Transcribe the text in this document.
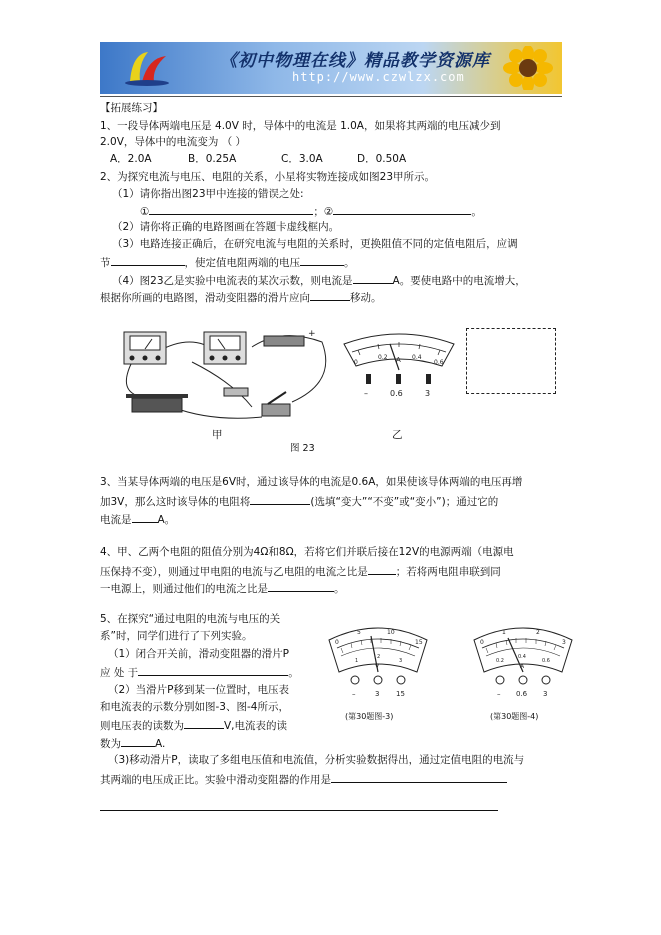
《初中物理在线》精品教学资源库
http://www.czwlzx.com
【拓展练习】
1、一段导体两端电压是 4.0V 时，导体中的电流是 1.0A，如果将其两端的电压减少到
2.0V，导体中的电流变为 （ ）
A．2.0A	B．0.25A	C．3.0A	D．0.50A
2、为探究电流与电压、电阻的关系，小星将实物连接成如图23甲所示。
（1）请你指出图23甲中连接的错误之处:
①	；②	。
（2）请你将正确的电路图画在答题卡虚线框内。
（3）电路连接正确后，在研究电流与电阻的关系时，更换阻值不同的定值电阻后，应调
节	，使定值电阻两端的电压	。
（4）图23乙是实验中电流表的某次示数，则电流是	A。要使电路中的电流增大，
根据你所画的电路图，滑动变阻器的滑片应向	移动。
+
甲
图 23
A
0
0.2	0.4
0.6
–	0.6	3
乙
3、当某导体两端的电压是6V时，通过该导体的电流是0.6A，如果使该导体两端的电压再增
加3V，那么这时该导体的电阻将	(选填“变大”“不变”或“变小”)；通过它的
电流是 A。
4、甲、乙两个电阻的阻值分别为4Ω和8Ω，若将它们并联后接在12V的电源两端（电源电
压保持不变），则通过甲电阻的电流与乙电阻的电流之比是	；若将两电阻串联到同
一电源上，则通过他们的电流之比是	。
5、在探究“通过电阻的电流与电压的关
系”时，同学们进行了下列实验。
（1）闭合开关前，滑动变阻器的滑片P
应 处 于	。
（2）当滑片P移到某一位置时，电压表
和电流表的示数分别如图-3、图-4所示，
则电压表的读数为	V,电流表的读
数为	A.
（3)移动滑片P，读取了多组电压值和电流值，分析实验数据得出，通过定值电阻的电流与
其两端的电压成正比。实验中滑动变阻器的作用是
0
5	10
15
1
2
3
V
–	3 15
(第30题图-3)
0
1	2
3
0.2
0.4
0.6
A
– 0.6 3
(第30题图-4)
